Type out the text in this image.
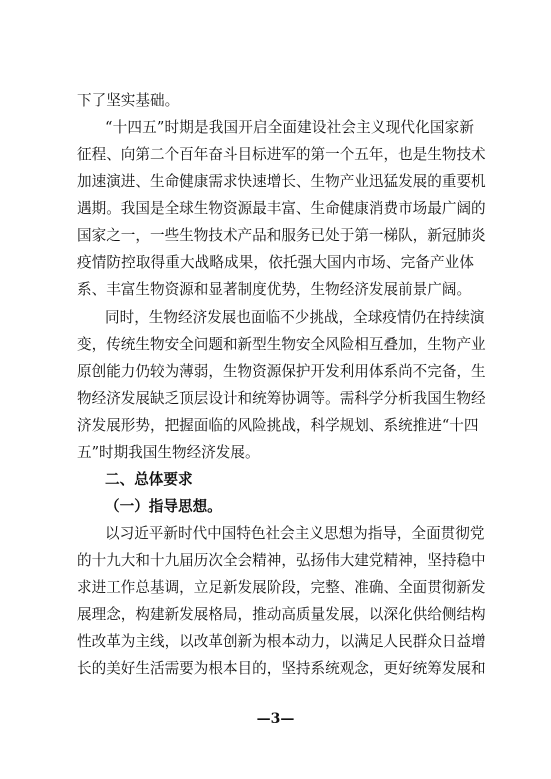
下了坚实基础。
“十四五”时期是我国开启全面建设社会主义现代化国家新
征程、向第二个百年奋斗目标进军的第一个五年，也是生物技术
加速演进、生命健康需求快速增长、生物产业迅猛发展的重要机
遇期。我国是全球生物资源最丰富、生命健康消费市场最广阔的
国家之一，一些生物技术产品和服务已处于第一梯队，新冠肺炎
疫情防控取得重大战略成果，依托强大国内市场、完备产业体
系、丰富生物资源和显著制度优势，生物经济发展前景广阔。
同时，生物经济发展也面临不少挑战，全球疫情仍在持续演
变，传统生物安全问题和新型生物安全风险相互叠加，生物产业
原创能力仍较为薄弱，生物资源保护开发利用体系尚不完备，生
物经济发展缺乏顶层设计和统筹协调等。需科学分析我国生物经
济发展形势，把握面临的风险挑战，科学规划、系统推进“十四
五”时期我国生物经济发展。
二、总体要求
（一）指导思想。
以习近平新时代中国特色社会主义思想为指导，全面贯彻党
的十九大和十九届历次全会精神，弘扬伟大建党精神，坚持稳中
求进工作总基调，立足新发展阶段，完整、准确、全面贯彻新发
展理念，构建新发展格局，推动高质量发展，以深化供给侧结构
性改革为主线，以改革创新为根本动力，以满足人民群众日益增
长的美好生活需要为根本目的，坚持系统观念，更好统筹发展和
—3—
